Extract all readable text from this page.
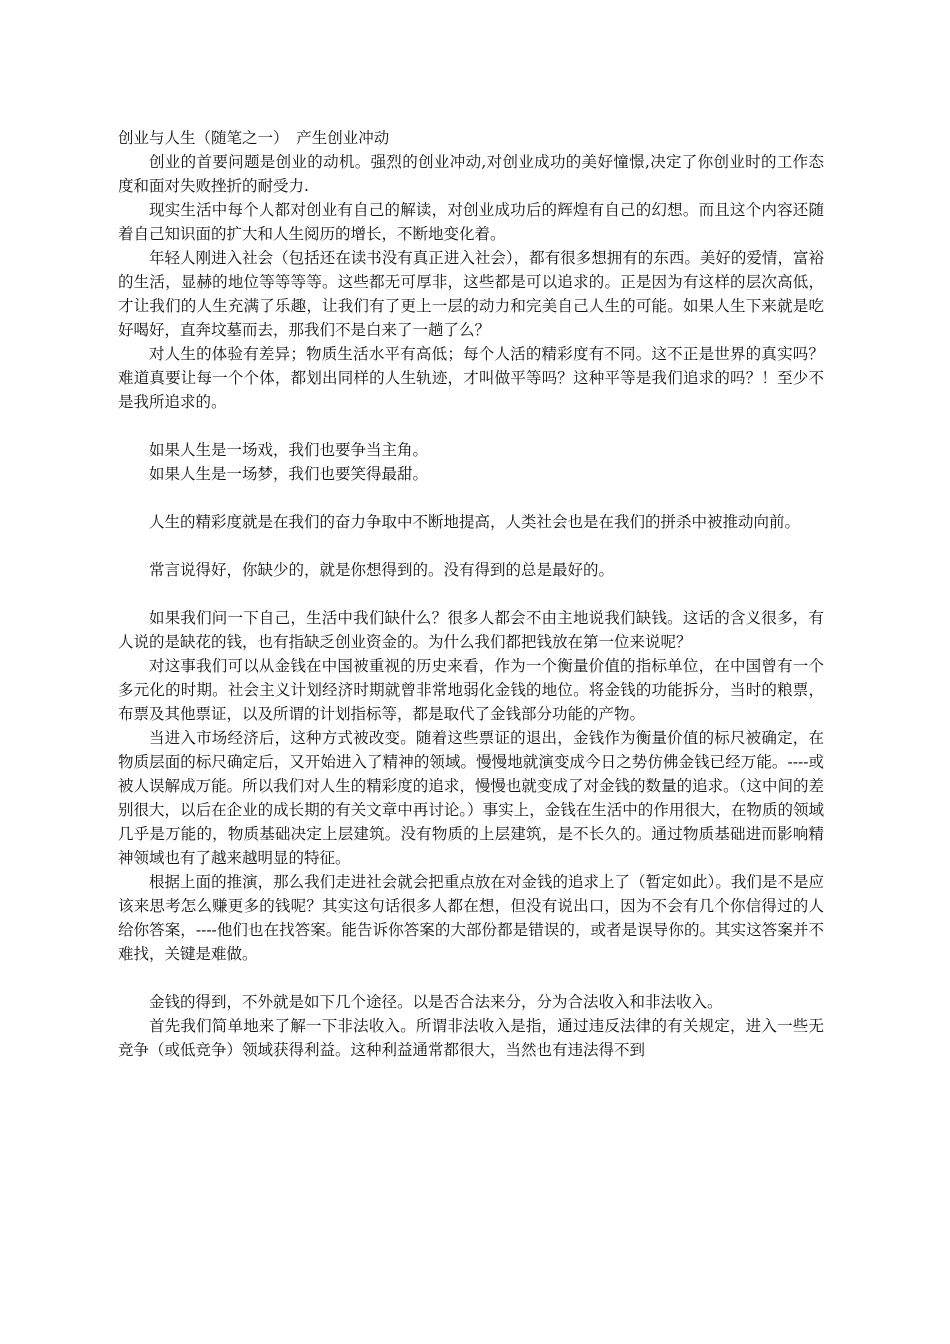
创业与人生（随笔之一）　产生创业冲动

创业的首要问题是创业的动机。强烈的创业冲动,对创业成功的美好憧憬,决定了你创业时的工作态度和面对失败挫折的耐受力.

现实生活中每个人都对创业有自己的解读，对创业成功后的辉煌有自己的幻想。而且这个内容还随着自己知识面的扩大和人生阅历的增长，不断地变化着。

年轻人刚进入社会（包括还在读书没有真正进入社会），都有很多想拥有的东西。美好的爱情，富裕的生活，显赫的地位等等等等。这些都无可厚非，这些都是可以追求的。正是因为有这样的层次高低，才让我们的人生充满了乐趣，让我们有了更上一层的动力和完美自己人生的可能。如果人生下来就是吃好喝好，直奔坟墓而去，那我们不是白来了一趟了么？

对人生的体验有差异；物质生活水平有高低；每个人活的精彩度有不同。这不正是世界的真实吗？难道真要让每一个个体，都划出同样的人生轨迹，才叫做平等吗？这种平等是我们追求的吗？！至少不是我所追求的。

如果人生是一场戏，我们也要争当主角。

如果人生是一场梦，我们也要笑得最甜。

人生的精彩度就是在我们的奋力争取中不断地提高，人类社会也是在我们的拼杀中被推动向前。

常言说得好，你缺少的，就是你想得到的。没有得到的总是最好的。

如果我们问一下自己，生活中我们缺什么？很多人都会不由主地说我们缺钱。这话的含义很多，有人说的是缺花的钱，也有指缺乏创业资金的。为什么我们都把钱放在第一位来说呢？

对这事我们可以从金钱在中国被重视的历史来看，作为一个衡量价值的指标单位，在中国曾有一个多元化的时期。社会主义计划经济时期就曾非常地弱化金钱的地位。将金钱的功能拆分，当时的粮票，布票及其他票证，以及所谓的计划指标等，都是取代了金钱部分功能的产物。

当进入市场经济后，这种方式被改变。随着这些票证的退出，金钱作为衡量价值的标尺被确定，在物质层面的标尺确定后，又开始进入了精神的领域。慢慢地就演变成今日之势仿佛金钱已经万能。----或被人误解成万能。所以我们对人生的精彩度的追求，慢慢也就变成了对金钱的数量的追求。（这中间的差别很大，以后在企业的成长期的有关文章中再讨论。）事实上，金钱在生活中的作用很大，在物质的领域几乎是万能的，物质基础决定上层建筑。没有物质的上层建筑，是不长久的。通过物质基础进而影响精神领域也有了越来越明显的特征。

根据上面的推演，那么我们走进社会就会把重点放在对金钱的追求上了（暂定如此）。我们是不是应该来思考怎么赚更多的钱呢？其实这句话很多人都在想，但没有说出口，因为不会有几个你信得过的人给你答案，----他们也在找答案。能告诉你答案的大部份都是错误的，或者是误导你的。其实这答案并不难找，关键是难做。

金钱的得到，不外就是如下几个途径。以是否合法来分，分为合法收入和非法收入。

首先我们简单地来了解一下非法收入。所谓非法收入是指，通过违反法律的有关规定，进入一些无竞争（或低竞争）领域获得利益。这种利益通常都很大，当然也有违法得不到
